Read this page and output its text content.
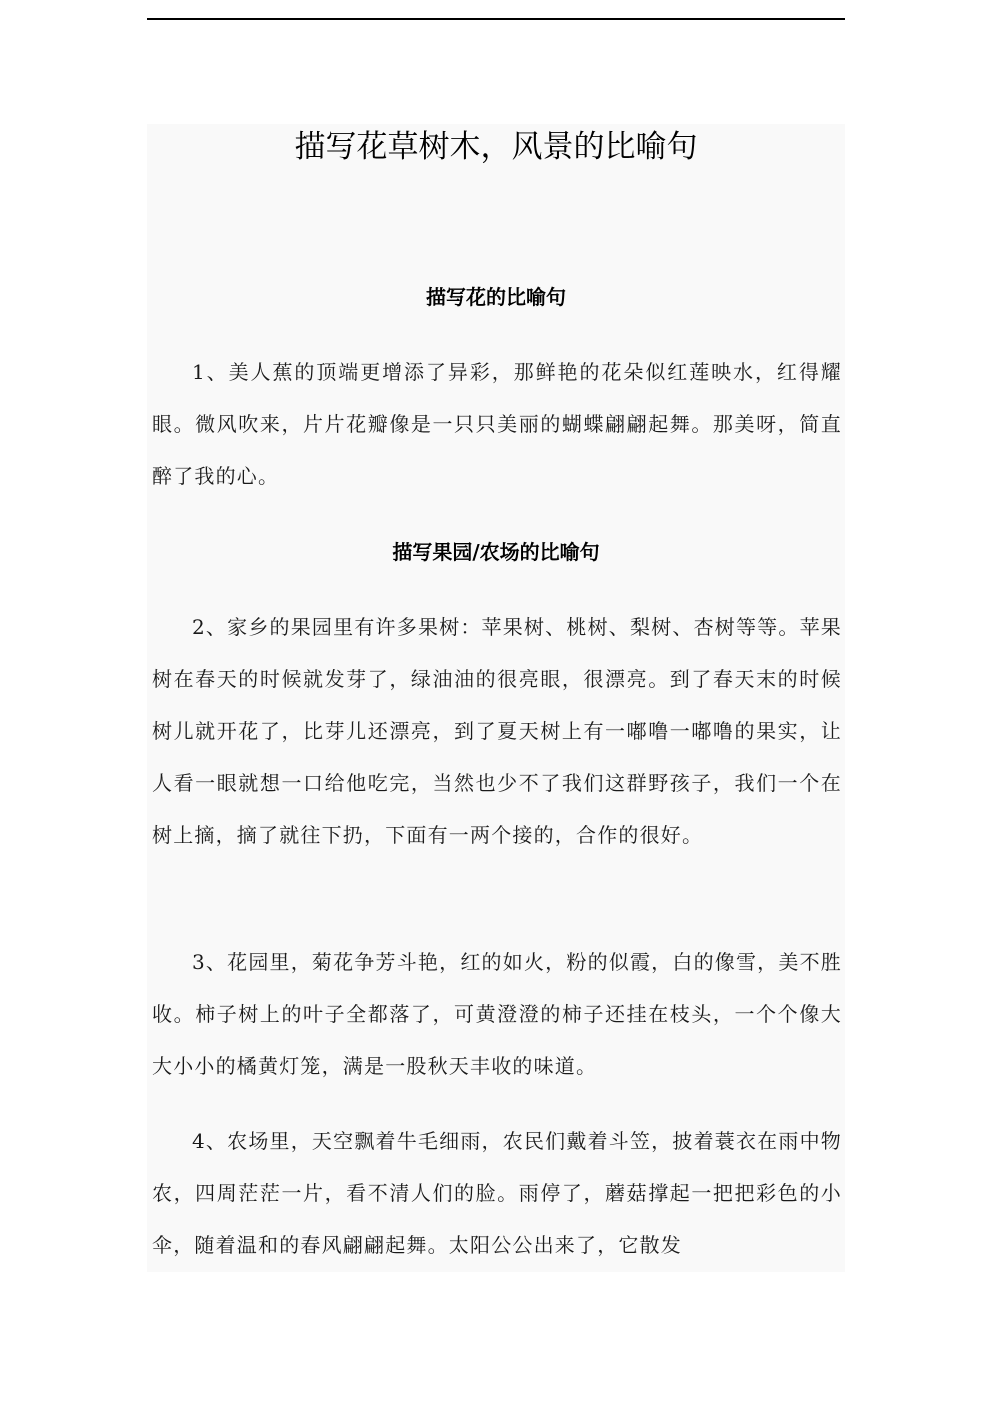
描写花草树木，风景的比喻句
描写花的比喻句

1、美人蕉的顶端更增添了异彩，那鲜艳的花朵似红莲映水，红得耀眼。微风吹来，片片花瓣像是一只只美丽的蝴蝶翩翩起舞。那美呀，简直醉了我的心。

描写果园/农场的比喻句

2、家乡的果园里有许多果树：苹果树、桃树、梨树、杏树等等。苹果树在春天的时候就发芽了，绿油油的很亮眼，很漂亮。到了春天末的时候树儿就开花了，比芽儿还漂亮，到了夏天树上有一嘟噜一嘟噜的果实，让人看一眼就想一口给他吃完，当然也少不了我们这群野孩子，我们一个在树上摘，摘了就往下扔，下面有一两个接的，合作的很好。

3、花园里，菊花争芳斗艳，红的如火，粉的似霞，白的像雪，美不胜收。柿子树上的叶子全都落了，可黄澄澄的柿子还挂在枝头，一个个像大大小小的橘黄灯笼，满是一股秋天丰收的味道。

4、农场里，天空飘着牛毛细雨，农民们戴着斗笠，披着蓑衣在雨中物农，四周茫茫一片，看不清人们的脸。雨停了，蘑菇撑起一把把彩色的小伞，随着温和的春风翩翩起舞。太阳公公出来了，它散发
